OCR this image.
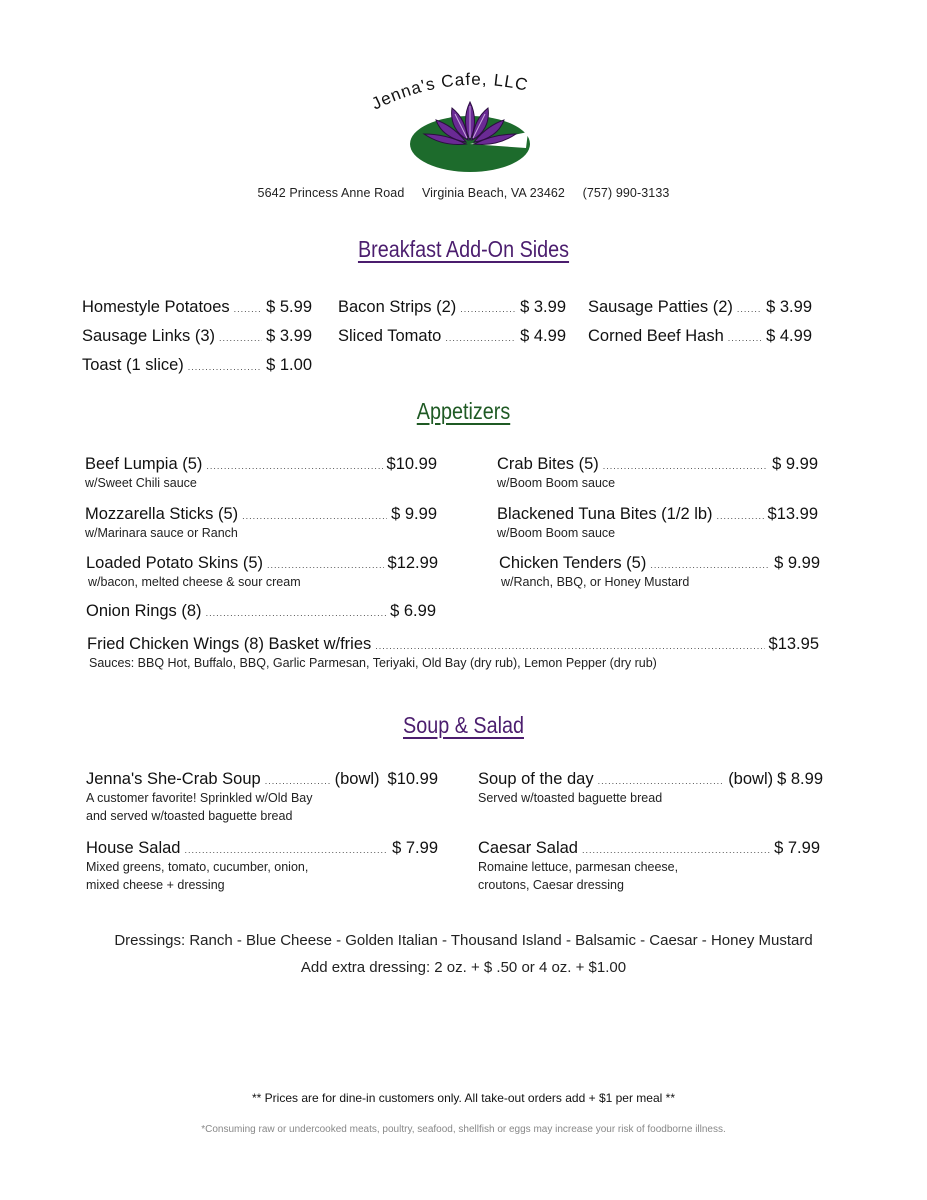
Jenna's Cafe, LLC
5642 Princess Anne Road Virginia Beach, VA 23462 (757) 990-3133
Breakfast Add-On Sides
Homestyle Potatoes ..... $ 5.99 Bacon Strips (2) .....	$ 3.99 Sausage Patties (2) ..... $ 3.99
Sausage Links (3) .....	$ 3.99 Sliced Tomato .....	$ 4.99 Corned Beef Hash .....	$ 4.99
Toast (1 slice) .....	$ 1.00
Appetizers
Beef Lumpia (5) .....	$10.99
w/Sweet Chili sauce
Crab Bites (5) .....	$ 9.99
w/Boom Boom sauce
Mozzarella Sticks (5) .....	$ 9.99
w/Marinara sauce or Ranch
Blackened Tuna Bites (1/2 lb) .....	$13.99
w/Boom Boom sauce
Loaded Potato Skins (5) .....	$12.99
w/bacon, melted cheese & sour cream
Chicken Tenders (5) .....	$ 9.99
w/Ranch, BBQ, or Honey Mustard
Onion Rings (8) .....	$ 6.99
Fried Chicken Wings (8) Basket w/fries .....	$13.95
Sauces: BBQ Hot, Buffalo, BBQ, Garlic Parmesan, Teriyaki, Old Bay (dry rub), Lemon Pepper (dry rub)
Soup & Salad
Jenna's She-Crab Soup .....	(bowl) $10.99
A customer favorite! Sprinkled w/Old Bay
and served w/toasted baguette bread
Soup of the day .....	(bowl) $ 8.99
Served w/toasted baguette bread
House Salad .....	$ 7.99
Mixed greens, tomato, cucumber, onion,
mixed cheese + dressing
Caesar Salad .....	$ 7.99
Romaine lettuce, parmesan cheese,
croutons, Caesar dressing
Dressings: Ranch - Blue Cheese - Golden Italian - Thousand Island - Balsamic - Caesar - Honey Mustard
Add extra dressing: 2 oz. + $ .50 or 4 oz. + $1.00
** Prices are for dine-in customers only. All take-out orders add + $1 per meal **
*Consuming raw or undercooked meats, poultry, seafood, shellfish or eggs may increase your risk of foodborne illness.
